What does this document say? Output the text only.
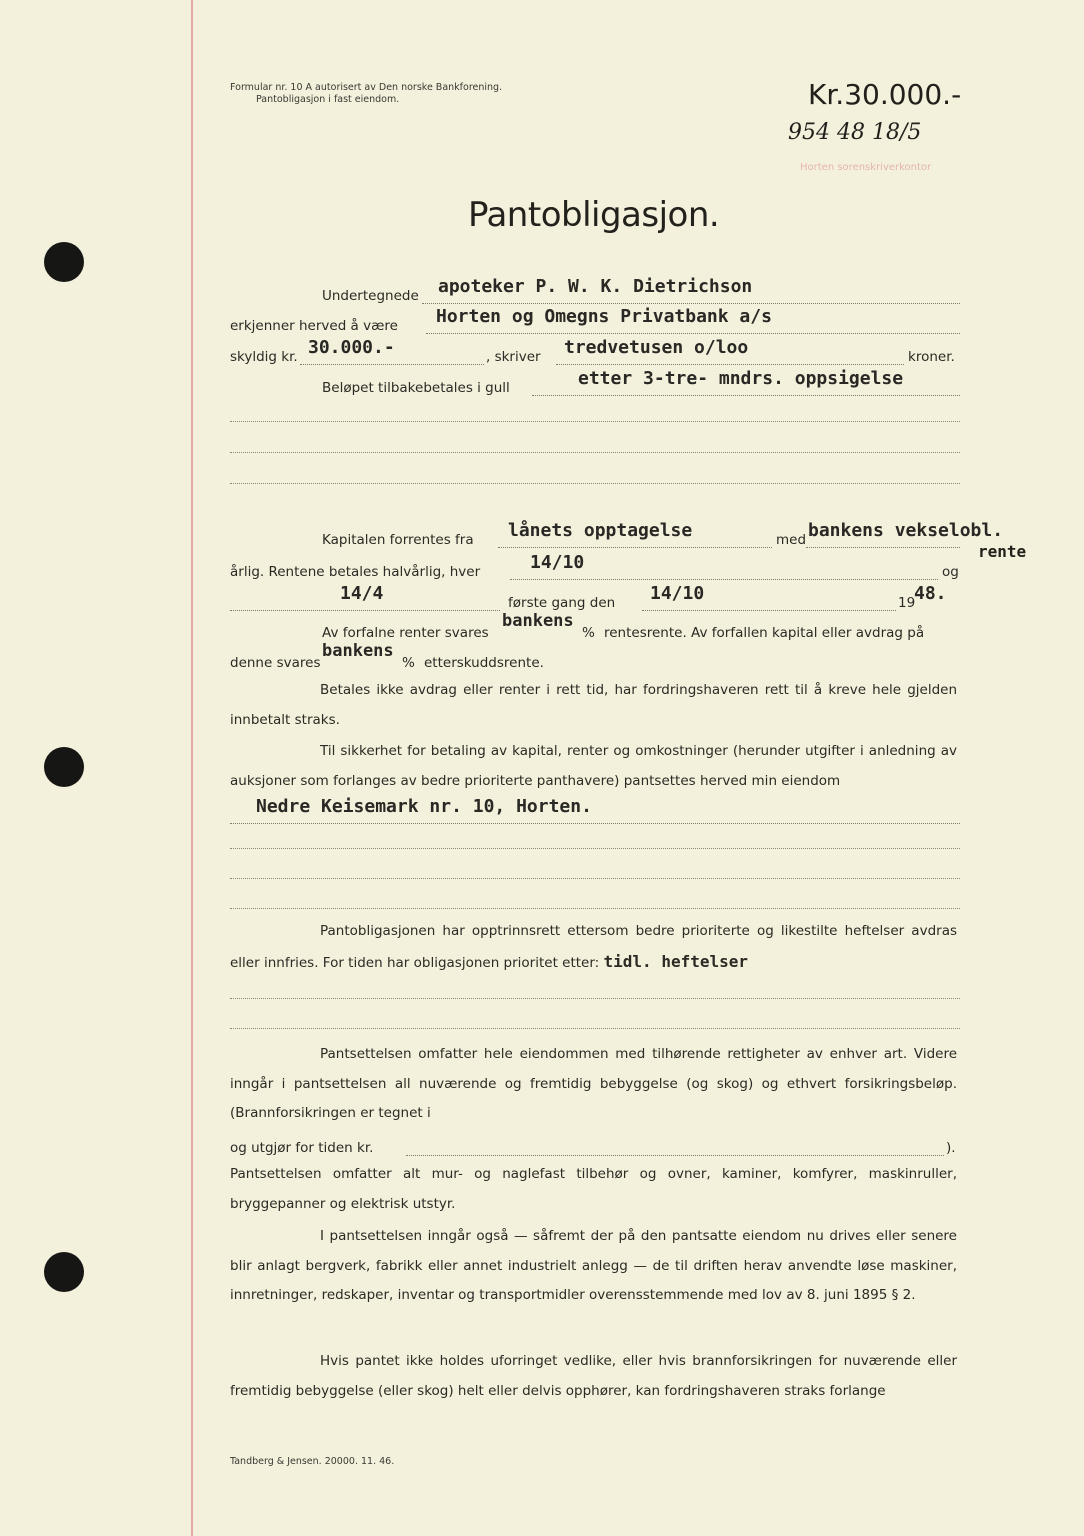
Formular nr. 10 A autorisert av Den norske Bankforening.
Pantobligasjon i fast eiendom.	Kr.30.000.-
954 48 18/5
Horten sorenskriverkontor
Pantobligasjon.
Undertegnede apoteker P. W. K. Dietrichson
erkjenner herved å være Horten og Omegns Privatbank a/s
skyldig kr. 30.000.-	, skriver tredvetusen o/loo	kroner.
Beløpet tilbakebetales i gull	etter 3-tre- mndrs. oppsigelse
Kapitalen forrentes fra lånets opptagelse	med bankens vekselobl.
rente
årlig. Rentene betales halvårlig, hver	14/10	og
14/4	første gang den 14/10	19
48.
Av forfalne renter svares
bankens
% rentesrente. Av forfallen kapital eller avdrag på
denne svares
bankens
% etterskuddsrente.

Betales ikke avdrag eller renter i rett tid, har fordringshaveren rett til å kreve hele gjelden innbetalt straks.

Til sikkerhet for betaling av kapital, renter og omkostninger (herunder utgifter i anledning av auksjoner som forlanges av bedre prioriterte panthavere) pantsettes herved min eiendom

Nedre Keisemark nr. 10, Horten.

Pantobligasjonen har opptrinnsrett ettersom bedre prioriterte og likestilte heftelser avdras eller innfries. For tiden har obligasjonen prioritet etter: tidl. heftelser

Pantsettelsen omfatter hele eiendommen med tilhørende rettigheter av enhver art. Videre inngår i pantsettelsen all nuværende og fremtidig bebyggelse (og skog) og ethvert forsikringsbeløp. (Brannforsikringen er tegnet i

og utgjør for tiden kr.	).

Pantsettelsen omfatter alt mur- og naglefast tilbehør og ovner, kaminer, komfyrer, maskinruller, bryggepanner og elektrisk utstyr.

I pantsettelsen inngår også — såfremt der på den pantsatte eiendom nu drives eller senere blir anlagt bergverk, fabrikk eller annet industrielt anlegg — de til driften herav anvendte løse maskiner, innretninger, redskaper, inventar og transportmidler overensstemmende med lov av 8. juni 1895 § 2.

Hvis pantet ikke holdes uforringet vedlike, eller hvis brannforsikringen for nuværende eller fremtidig bebyggelse (eller skog) helt eller delvis opphører, kan fordringshaveren straks forlange

Tandberg & Jensen. 20000. 11. 46.
